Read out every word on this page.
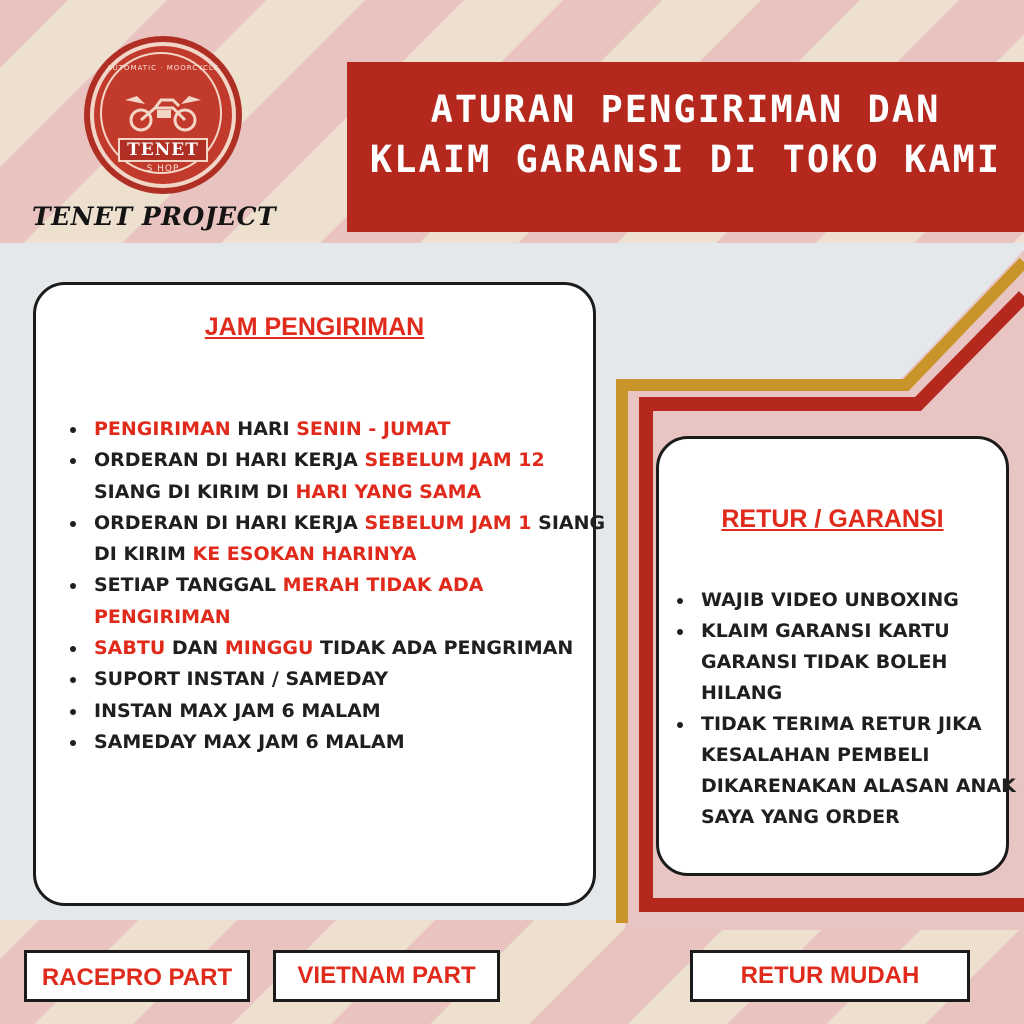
AUTOMATIC · MOORCYCLE
TENET
S HOP
TENET PROJECT
ATURAN PENGIRIMAN DAN
KLAIM GARANSI DI TOKO KAMI
JAM PENGIRIMAN
• PENGIRIMAN HARI SENIN - JUMAT
• ORDERAN DI HARI KERJA SEBELUM JAM 12 SIANG DI KIRIM DI HARI YANG SAMA
• ORDERAN DI HARI KERJA SEBELUM JAM 1 SIANG DI KIRIM KE ESOKAN HARINYA
• SETIAP TANGGAL MERAH TIDAK ADA PENGIRIMAN
• SABTU DAN MINGGU TIDAK ADA PENGRIMAN
• SUPORT INSTAN / SAMEDAY
• INSTAN MAX JAM 6 MALAM
• SAMEDAY MAX JAM 6 MALAM
RETUR / GARANSI
• WAJIB VIDEO UNBOXING
• KLAIM GARANSI KARTU GARANSI TIDAK BOLEH HILANG
• TIDAK TERIMA RETUR JIKA KESALAHAN PEMBELI DIKARENAKAN ALASAN ANAK SAYA YANG ORDER
RACEPRO PART	VIETNAM PART	RETUR MUDAH
